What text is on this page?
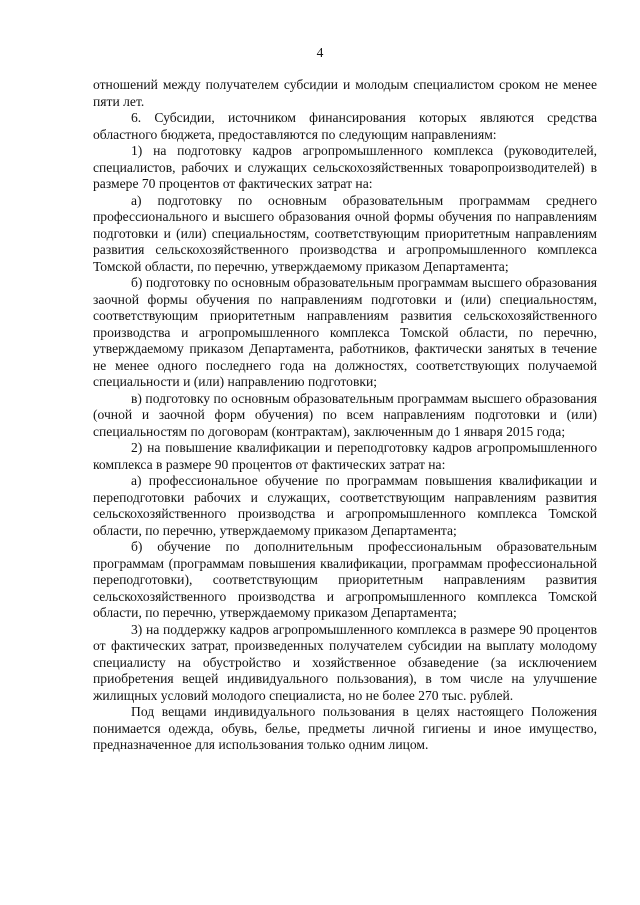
4

отношений между получателем субсидии и молодым специалистом сроком не менее пяти лет.

6. Субсидии, источником финансирования которых являются средства областного бюджета, предоставляются по следующим направлениям:

1) на подготовку кадров агропромышленного комплекса (руководителей, специалистов, рабочих и служащих сельскохозяйственных товаропроизводителей) в размере 70 процентов от фактических затрат на:

а) подготовку по основным образовательным программам среднего профессионального и высшего образования очной формы обучения по направлениям подготовки и (или) специальностям, соответствующим приоритетным направлениям развития сельскохозяйственного производства и агропромышленного комплекса Томской области, по перечню, утверждаемому приказом Департамента;

б) подготовку по основным образовательным программам высшего образования заочной формы обучения по направлениям подготовки и (или) специальностям, соответствующим приоритетным направлениям развития сельскохозяйственного производства и агропромышленного комплекса Томской области, по перечню, утверждаемому приказом Департамента, работников, фактически занятых в течение не менее одного последнего года на должностях, соответствующих получаемой специальности и (или) направлению подготовки;

в) подготовку по основным образовательным программам высшего образования (очной и заочной форм обучения) по всем направлениям подготовки и (или) специальностям по договорам (контрактам), заключенным до 1 января 2015 года;

2) на повышение квалификации и переподготовку кадров агропромышленного комплекса в размере 90 процентов от фактических затрат на:

а) профессиональное обучение по программам повышения квалификации и переподготовки рабочих и служащих, соответствующим направлениям развития сельскохозяйственного производства и агропромышленного комплекса Томской области, по перечню, утверждаемому приказом Департамента;

б) обучение по дополнительным профессиональным образовательным программам (программам повышения квалификации, программам профессиональной переподготовки), соответствующим приоритетным направлениям развития сельскохозяйственного производства и агропромышленного комплекса Томской области, по перечню, утверждаемому приказом Департамента;

3) на поддержку кадров агропромышленного комплекса в размере 90 процентов от фактических затрат, произведенных получателем субсидии на выплату молодому специалисту на обустройство и хозяйственное обзаведение (за исключением приобретения вещей индивидуального пользования), в том числе на улучшение жилищных условий молодого специалиста, но не более 270 тыс. рублей.

Под вещами индивидуального пользования в целях настоящего Положения понимается одежда, обувь, белье, предметы личной гигиены и иное имущество, предназначенное для использования только одним лицом.
